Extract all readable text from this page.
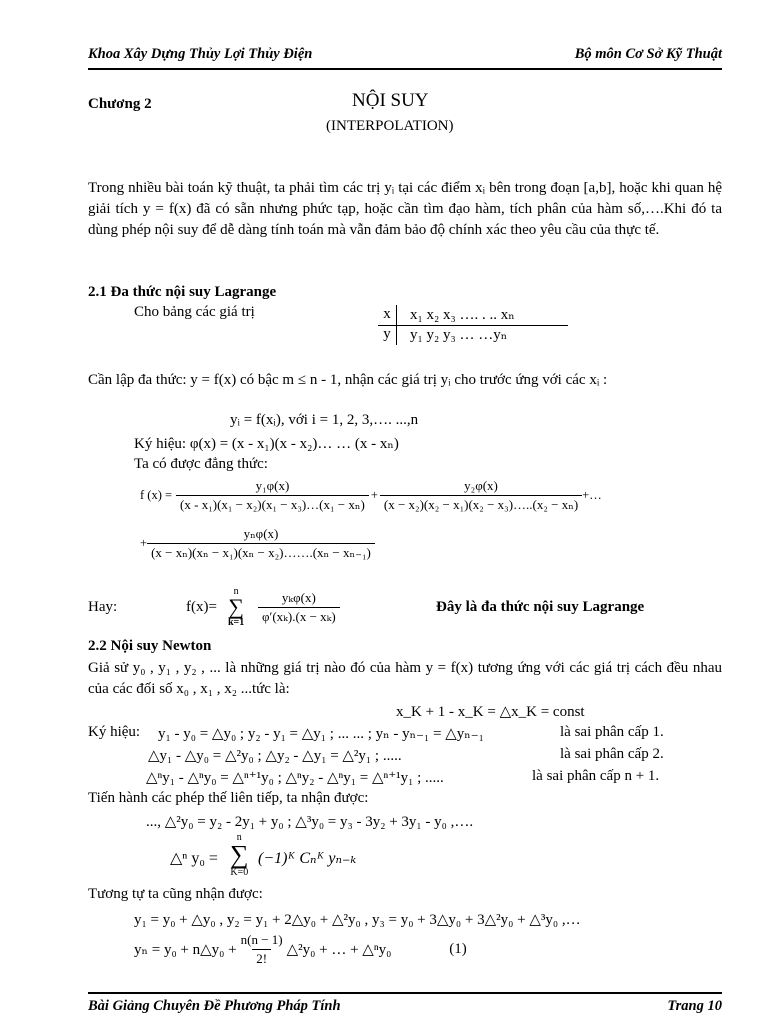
Khoa Xây Dựng Thủy Lợi Thủy Điện	Bộ môn Cơ Sở Kỹ Thuật
Chương 2	NỘI SUY
(INTERPOLATION)
Trong nhiều bài toán kỹ thuật, ta phải tìm các trị yᵢ tại các điểm xᵢ bên trong đoạn [a,b], hoặc khi quan hệ giải tích y = f(x) đã có sẵn nhưng phức tạp, hoặc cần tìm đạo hàm, tích phân của hàm số,….Khi đó ta dùng phép nội suy để dễ dàng tính toán mà vẫn đảm bảo độ chính xác theo yêu cầu của thực tế.
2.1 Đa thức nội suy Lagrange
Cho bảng các giá trị	x	x₁ x₂ x₃ …. . .. xₙ
y	y₁ y₂ y₃ … …yₙ
Cần lập đa thức: y = f(x) có bậc m ≤ n - 1, nhận các giá trị yᵢ cho trước ứng với các xᵢ :
yᵢ = f(xᵢ), với i = 1, 2, 3,…. ...,n
Ký hiệu: φ(x) = (x - x₁)(x - x₂)… … (x - xₙ)
Ta có được đẳng thức:
f $(x) = \frac{\text{y₁φ(x)}}{\text{(x - x₁)(x₁ − x₂)(x₁ − x₃)…(x₁ − xₙ)}} + \frac{\text{y₂φ(x)}}{\text{(x − x₂)(x₂ − x₁)(x₂ − x₃)…..(x₂ − xₙ)}}$ +…
+ $\frac{\text{yₙφ(x)}}{\text{(x − xₙ)(xₙ − x₁)(xₙ − x₂)…….(xₙ − xₙ₋₁)}}$
Hay:	f(x)=
n
∑
$k=1 \frac{\text{yₖφ(x)}}{\text{φ′(xₖ).(x − xₖ)}}$	Đây là đa thức nội suy Lagrange
2.2 Nội suy Newton
Giả sử y₀ , y₁ , y₂ , ... là những giá trị nào đó của hàm y = f(x) tương ứng với các giá trị cách đều nhau của các đối số x₀ , x₁ , x₂ ...tức là:
x_K + 1 - x_K = △x_K = const
Ký hiệu: y₁ - y₀ = △y₀ ; y₂ - y₁ = △y₁ ; ... ... ; yₙ - yₙ₋₁ = △yₙ₋₁	là sai phân cấp 1.
△y₁ - △y₀ = △²y₀ ; △y₂ - △y₁ = △²y₁ ; .....	là sai phân cấp 2.
△ⁿy₁ - △ⁿy₀ = △ⁿ⁺¹y₀ ; △ⁿy₂ - △ⁿy₁ = △ⁿ⁺¹y₁ ; .....	là sai phân cấp n + 1.
Tiến hành các phép thế liên tiếp, ta nhận được:
..., △²y₀ = y₂ - 2y₁ + y₀ ; △³y₀ = y₃ - 3y₂ + 3y₁ - y₀ ,….
△ⁿ y₀ =
n
∑
K=0
(−1)ᴷ Cₙᴷ yₙ₋ₖ
Tương tự ta cũng nhận được:
y₁ = y₀ + △y₀ , y₂ = y₁ + 2△y₀ + △²y₀ , y₃ = y₀ + 3△y₀ + 3△²y₀ + △³y₀ ,…
yₙ = y₀ + n△y₀ + $\frac{n(n - 1)}{2!}$ △²y₀ + … + △ⁿy₀	(1)
Bài Giảng Chuyên Đề Phương Pháp Tính	Trang 10
